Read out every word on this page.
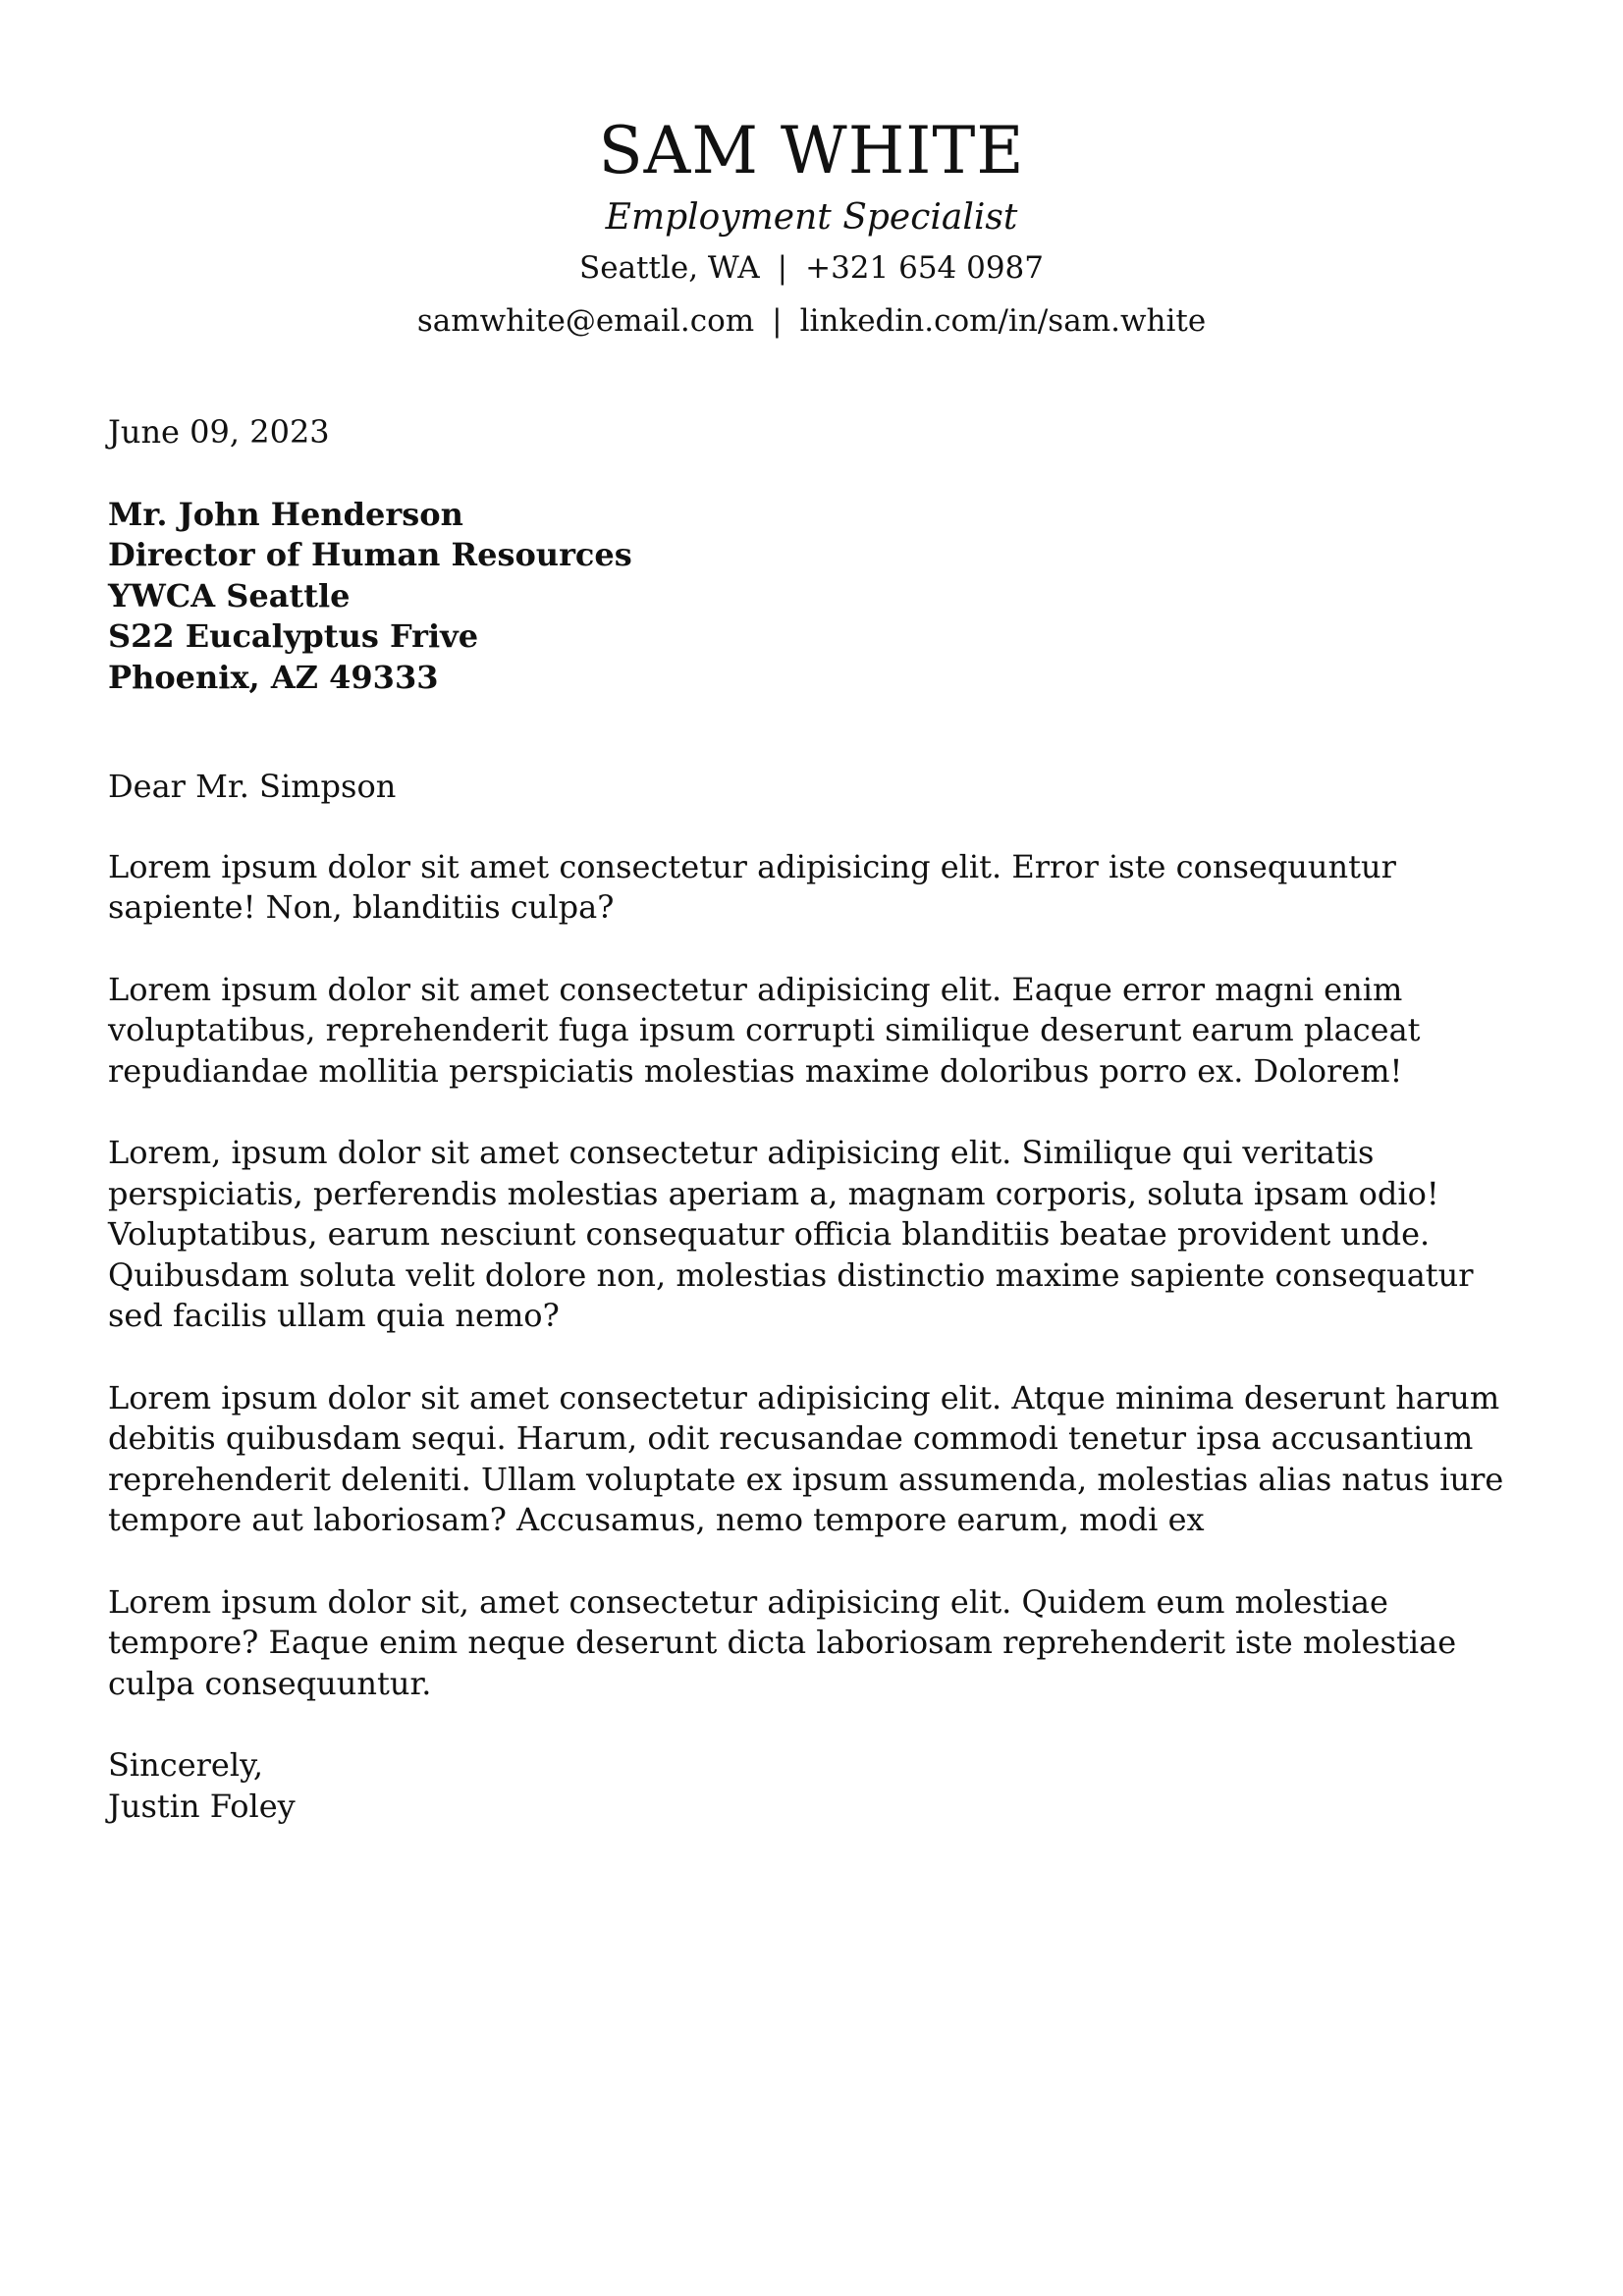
SAM WHITE
Employment Specialist
Seattle, WA | +321 654 0987
samwhite@email.com | linkedin.com/in/sam.white
June 09, 2023
Mr. John Henderson
Director of Human Resources
YWCA Seattle
S22 Eucalyptus Frive
Phoenix, AZ 49333
Dear Mr. Simpson
Lorem ipsum dolor sit amet consectetur adipisicing elit. Error iste consequuntur sapiente! Non, blanditiis culpa?
Lorem ipsum dolor sit amet consectetur adipisicing elit. Eaque error magni enim voluptatibus, reprehenderit fuga ipsum corrupti similique deserunt earum placeat repudiandae mollitia perspiciatis molestias maxime doloribus porro ex. Dolorem!
Lorem, ipsum dolor sit amet consectetur adipisicing elit. Similique qui veritatis perspiciatis, perferendis molestias aperiam a, magnam corporis, soluta ipsam odio! Voluptatibus, earum nesciunt consequatur officia blanditiis beatae provident unde. Quibusdam soluta velit dolore non, molestias distinctio maxime sapiente consequatur sed facilis ullam quia nemo?
Lorem ipsum dolor sit amet consectetur adipisicing elit. Atque minima deserunt harum debitis quibusdam sequi. Harum, odit recusandae commodi tenetur ipsa accusantium reprehenderit deleniti. Ullam voluptate ex ipsum assumenda, molestias alias natus iure tempore aut laboriosam? Accusamus, nemo tempore earum, modi ex
Lorem ipsum dolor sit, amet consectetur adipisicing elit. Quidem eum molestiae tempore? Eaque enim neque deserunt dicta laboriosam reprehenderit iste molestiae culpa consequuntur.
Sincerely,
Justin Foley
